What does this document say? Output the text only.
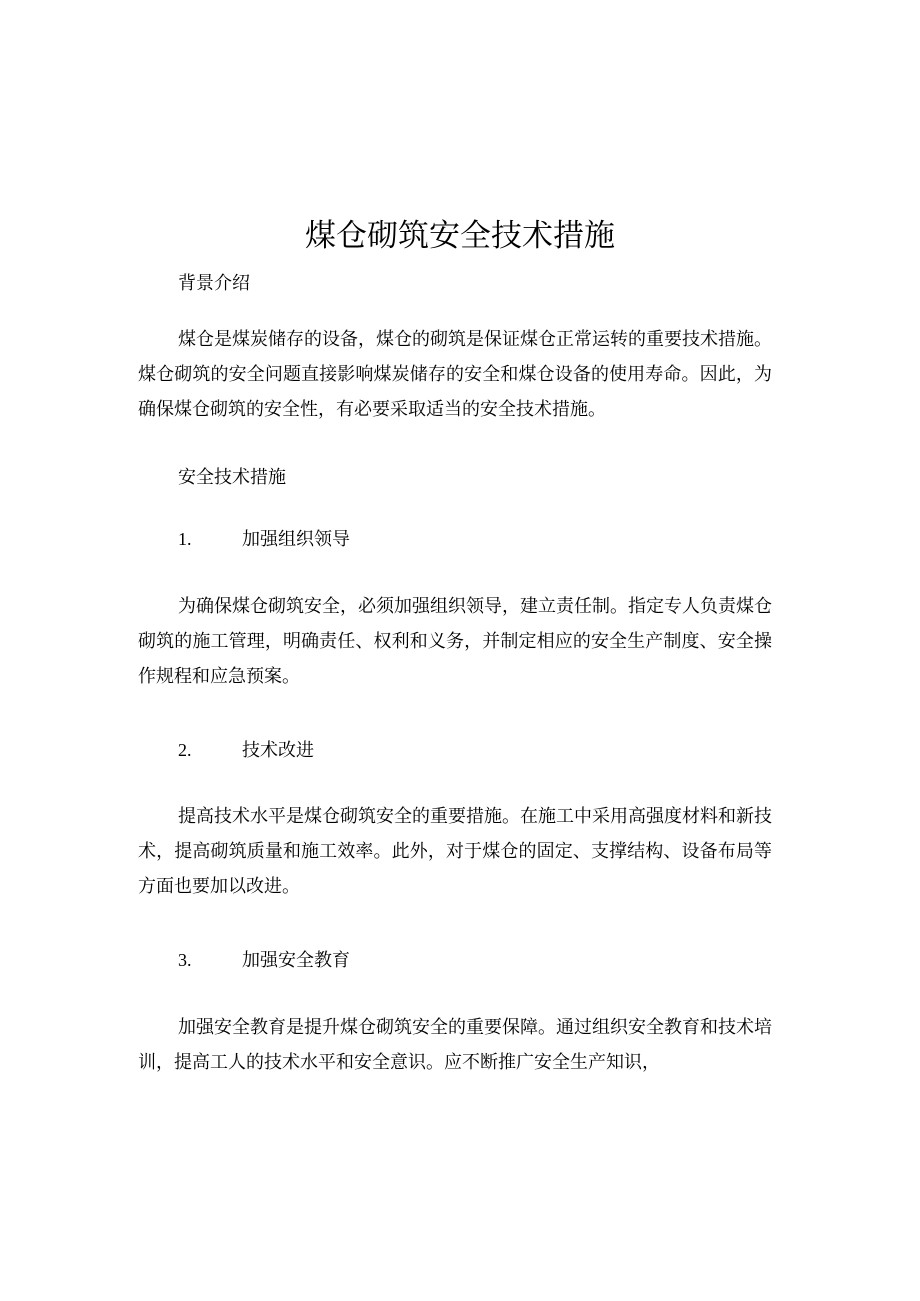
煤仓砌筑安全技术措施

背景介绍

煤仓是煤炭储存的设备，煤仓的砌筑是保证煤仓正常运转的重要技术措施。煤仓砌筑的安全问题直接影响煤炭储存的安全和煤仓设备的使用寿命。因此，为确保煤仓砌筑的安全性，有必要采取适当的安全技术措施。

安全技术措施

1.	加强组织领导

为确保煤仓砌筑安全，必须加强组织领导，建立责任制。指定专人负责煤仓砌筑的施工管理，明确责任、权利和义务，并制定相应的安全生产制度、安全操作规程和应急预案。

2.	技术改进

提高技术水平是煤仓砌筑安全的重要措施。在施工中采用高强度材料和新技术，提高砌筑质量和施工效率。此外，对于煤仓的固定、支撑结构、设备布局等方面也要加以改进。

3.	加强安全教育

加强安全教育是提升煤仓砌筑安全的重要保障。通过组织安全教育和技术培训，提高工人的技术水平和安全意识。应不断推广安全生产知识，
